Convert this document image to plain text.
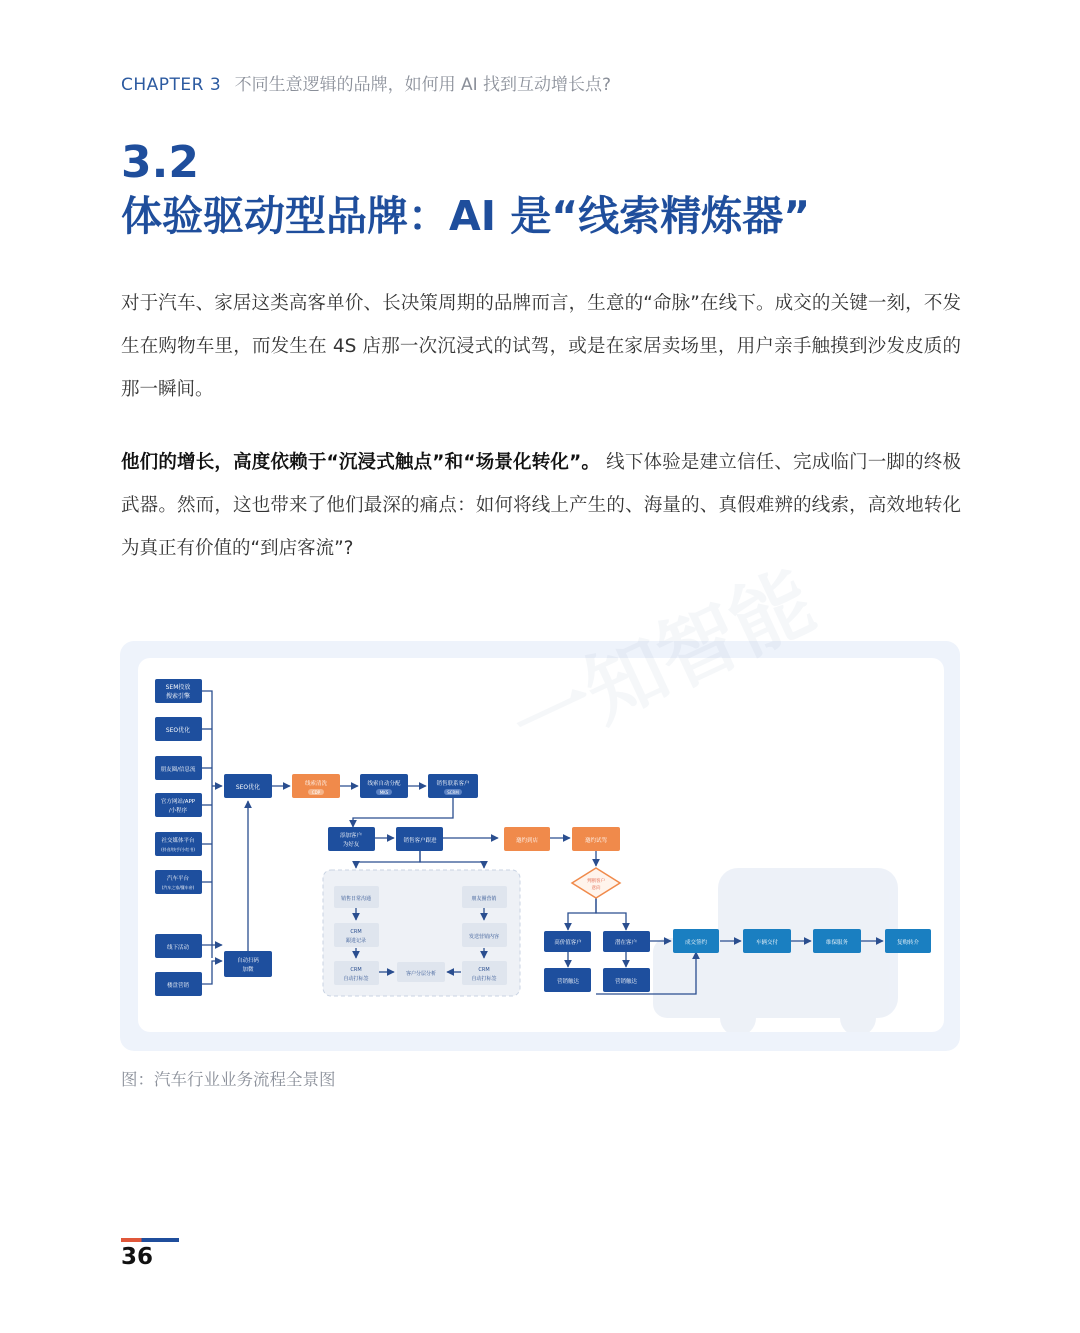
CHAPTER 3 不同生意逻辑的品牌，如何用 AI 找到互动增长点?
3.2
体验驱动型品牌：AI 是“线索精炼器”

对于汽车、家居这类高客单价、长决策周期的品牌而言，生意的“命脉”在线下。成交的关键一刻，不发生在购物车里，而发生在 4S 店那一次沉浸式的试驾，或是在家居卖场里，用户亲手触摸到沙发皮质的那一瞬间。

他们的增长，高度依赖于“沉浸式触点”和“场景化转化”。 线下体验是建立信任、完成临门一脚的终极武器。然而，这也带来了他们最深的痛点：如何将线上产生的、海量的、真假难辨的线索，高效地转化为真正有价值的“到店客流”?

一知智能
SEM投放
搜索引擎
SEO优化
朋友圈/信息流
官方网站/APP
/小程序
社交媒体平台
(抖音/快手/小红书)
汽车平台
(汽车之家/懂车帝)
线下活动
楼盘营销
SEO优化
自动扫码
加微
线索清洗
CDP
线索自动分配
MKS
销售联系客户
SCRM
添加客户
为好友
销售客户跟进	邀约到店	邀约试驾
判断客户
意向
销售日常沟通
CRM
跟进记录
CRM
自动打标签
客户分层分析
朋友圈营销
发送营销内容
CRM
自动打标签
高价值客户	潜在客户
营销触达	营销触达
成交签约	车辆交付	维保服务	复购转介
图：汽车行业业务流程全景图
36
